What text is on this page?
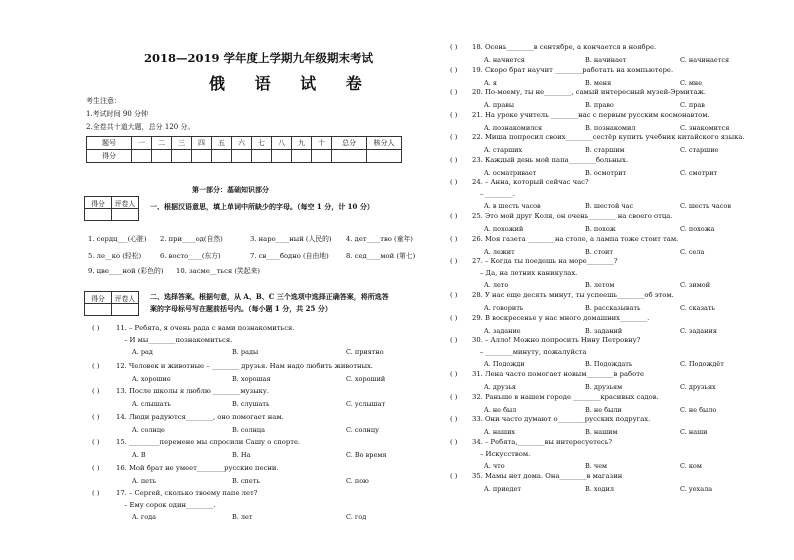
2018—2019 学年度上学期九年级期末考试
俄 语 试 卷
考生注意：
1.考试时间 90 分钟
2.全卷共十道大题，总分 120 分。
题号	一	二	三	四	五	六	七	八	九	十	总分	核分人
得分												
第一部分：基础知识部分
得分	评卷人
	一、根据汉语意思，填上单词中所缺少的字母。（每空 1 分，计 10 分）
1. сердц___(心脏) 2. при____од(自然)	3. наро____ный (人民的) 4. дет____тво (童年)
5. ле__ко (轻松)	6. восто____(东方)	7. св____бодно (自由地)	8. сед____мой (第七)
9. цве____ной (彩色的) 10. засме__ться (笑起来)
得分	评卷人
	二、选择答案。根据句意，从 A、B、C 三个选项中选择正确答案，将所选答
案的字母标号写在题前括号内。（每小题 1 分，共 25 分）
( ) 11. – Ребята, я очень рада с вами познакомиться.
– И мы________познакомиться.
A. рад	B. рады	C. приятно
( ) 12. Человек и животные – ________ друзья. Нам надо любить животных.
A. хорошие	B. хорошая	C. хороший
( ) 13. После школы я люблю ________музыку.
A. слышать	B. слушать	C. услышат
( ) 14. Люди радуются________, оно помогает нам.
A. солнце	B. солнца	C. солнцу
( ) 15. _________перемене мы спросили Сашу о спорте.
A. В	B. На	C. Во время
( ) 16. Мой брат не умеет________русские песни.
A. петь	B. спеть	C. пою
( ) 17. – Сергей, сколько твоему папе лет?
– Ему сорок один________.
A. года	B. лет	C. год
( ) 18. Осень________в сентябре, а кончается в ноябре.
A. начнется	B. начинает	C. начинается
( ) 19. Скоро брат научит ________работать на компьютере.
A. я	B. меня	C. мне
( ) 20. По-моему, ты не________, самый интересный музей-Эрмитаж.
A. правы	B. право	C. прав
( ) 21. На уроке учитель ________нас с первым русским космонавтом.
A. познакомился	B. познакомил	C. знакомится
( ) 22. Миша попросил своих________сестёр купить учебник китайского языка.
A. старших	B. старшим	C. старшие
( ) 23. Каждый день мой папа________больных.
A. осматривает	B. осмотрит	C. смотрит
( ) 24. – Анна, который сейчас час?
– ________.
A. в шесть часов	B. шестой час	C. шесть часов
( ) 25. Это мой друг Коля, он очень________ на своего отца.
A. похожий	B. похож	C. похожа
( ) 26. Моя газета ________на столе, а лампа тоже стоит там.
A. лежит	B. стоит	C. села
( ) 27. – Когда ты поедешь на море________?
– Да, на летних каникулах.
A. лето	B. летом	C. зимой
( ) 28. У нас еще десять минут, ты успеешь________об этом.
A. говорить	B. рассказывать	C. сказать
( ) 29. В воскресенье у нас много домашних________.
A. задание	B. заданий	C. задания
( ) 30. – Алло! Можно попросить Нину Петровну?
– ________минуту, пожалуйста
A. Подожди	B. Подождать	C. Подождёт
( ) 31. Лена часто помогает новым________в работе
A. друзья	B. друзьям	C. друзьях
( ) 32. Раньше в нашем городе ________красивых садов.
A. не был	B. не были	C. не было
( ) 33. Они часто думают о________русских подругах.
A. наших	B. нашим	C. наши
( ) 34. – Ребята,________вы интересуетесь?
– Искусством.
A. что	B. чем	C. ком
( ) 35. Мамы нет дома. Она________в магазин
A. приедет	B. ходил	C. уехала
